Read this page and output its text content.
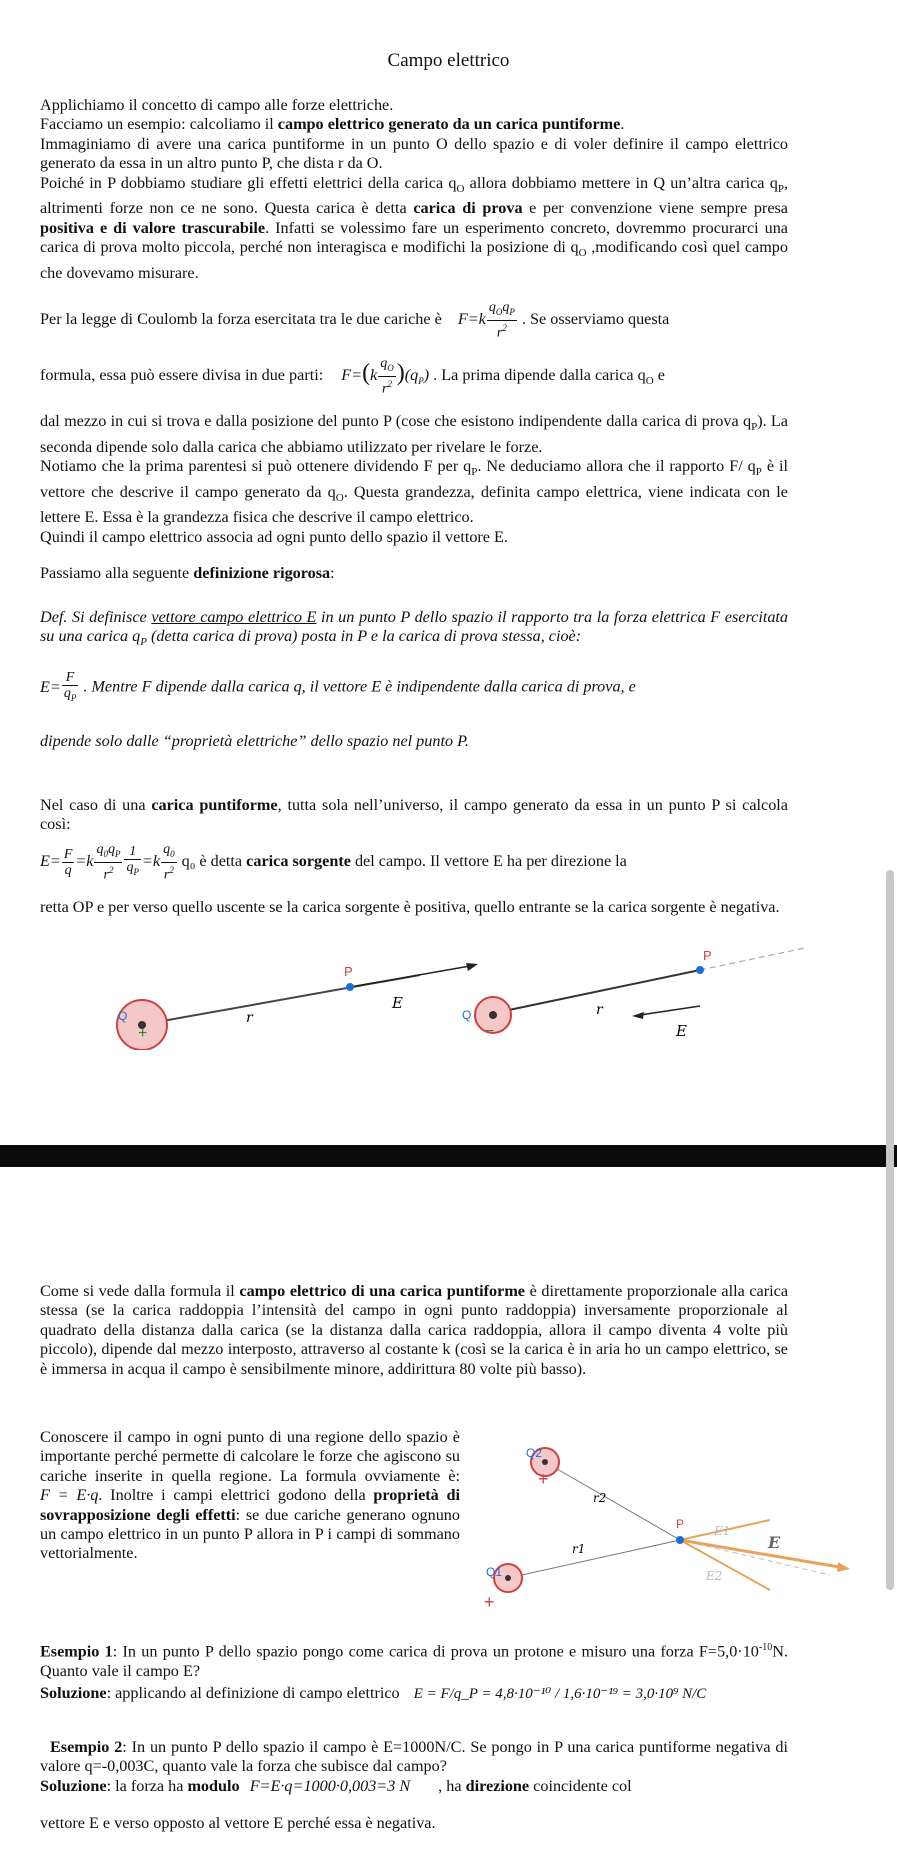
Campo elettrico

Applichiamo il concetto di campo alle forze elettriche.
Facciamo un esempio: calcoliamo il campo elettrico generato da un carica puntiforme.
Immaginiamo di avere una carica puntiforme in un punto O dello spazio e di voler definire il campo elettrico generato da essa in un altro punto P, che dista r da O.
Poiché in P dobbiamo studiare gli effetti elettrici della carica $q_O$ allora dobbiamo mettere in Q un’altra carica $q_P$, altrimenti forze non ce ne sono. Questa carica è detta carica di prova e per convenzione viene sempre presa positiva e di valore trascurabile. Infatti se volessimo fare un esperimento concreto, dovremmo procurarci una carica di prova molto piccola, perché non interagisca e modifichi la posizione di $q_O$ ,modificando così quel campo che dovevamo misurare.

Per la legge di Coulomb la forza esercitata tra le due cariche è $F=k \frac{q_Oq_P}{r^2}$ . Se osserviamo questa
formula, essa può essere divisa in due parti: $F=(k \frac{q_O}{r^2} )(q_P)$ . La prima dipende dalla carica $q_O$ e

dal mezzo in cui si trova e dalla posizione del punto P (cose che esistono indipendente dalla carica di prova $q_P$). La seconda dipende solo dalla carica che abbiamo utilizzato per rivelare le forze.
Notiamo che la prima parentesi si può ottenere dividendo F per $q_P$. Ne deduciamo allora che il rapporto F/ $q_P$ è il vettore che descrive il campo generato da $q_O$. Questa grandezza, definita campo elettrica, viene indicata con le lettere E. Essa è la grandezza fisica che descrive il campo elettrico.
Quindi il campo elettrico associa ad ogni punto dello spazio il vettore E.

Passiamo alla seguente definizione rigorosa:

Def. Si definisce vettore campo elettrico E in un punto P dello spazio il rapporto tra la forza elettrica F esercitata su una carica $q_P$ (detta carica di prova) posta in P e la carica di prova stessa, cioè:

$E= \frac{F}{q_P}$ . Mentre F dipende dalla carica q, il vettore E è indipendente dalla carica di prova, e
dipende solo dalle “proprietà elettriche” dello spazio nel punto P.

Nel caso di una carica puntiforme, tutta sola nell’universo, il campo generato da essa in un punto P si calcola così:

$E= \frac{F}{q} =k \frac{q_0q_P}{r^2} \frac{1}{q_P} =k \frac{q_0}{r^2} q_0$ è detta carica sorgente del campo. Il vettore E ha per direzione la

retta OP e per verso quello uscente se la carica sorgente è positiva, quello entrante se la carica sorgente è negativa.

Q
+
P
r
E
Q
−
P
r
E

Come si vede dalla formula il campo elettrico di una carica puntiforme è direttamente proporzionale alla carica stessa (se la carica raddoppia l’intensità del campo in ogni punto raddoppia) inversamente proporzionale al quadrato della distanza dalla carica (se la distanza dalla carica raddoppia, allora il campo diventa 4 volte più piccolo), dipende dal mezzo interposto, attraverso al costante k (così se la carica è in aria ho un campo elettrico, se è immersa in acqua il campo è sensibilmente minore, addirittura 80 volte più basso).

Conoscere il campo in ogni punto di una regione dello spazio è importante perché permette di calcolare le forze che agiscono su cariche inserite in quella regione. La formula ovviamente è: F = E·q. Inoltre i campi elettrici godono della proprietà di sovrapposizione degli effetti: se due cariche generano ognuno un campo elettrico in un punto P allora in P i campi di sommano vettorialmente.

Q2
+
Q1
+
P
r2
r1
E1
E2
E

Esempio 1: In un punto P dello spazio pongo come carica di prova un protone e misuro una forza $F=5,0\cdot 10^{-10}N$. Quanto vale il campo E?

Soluzione: applicando al definizione di campo elettrico E = F/q_P = 4,8·10⁻¹⁰ / 1,6·10⁻¹⁹ = 3,0·10⁹ N/C

Esempio 2: In un punto P dello spazio il campo è E=1000N/C. Se pongo in P una carica puntiforme negativa di valore q=-0,003C, quanto vale la forza che subisce dal campo?

Soluzione: la forza ha modulo F=E·q=1000·0,003=3 N , ha direzione coincidente col
vettore E e verso opposto al vettore E perché essa è negativa.
